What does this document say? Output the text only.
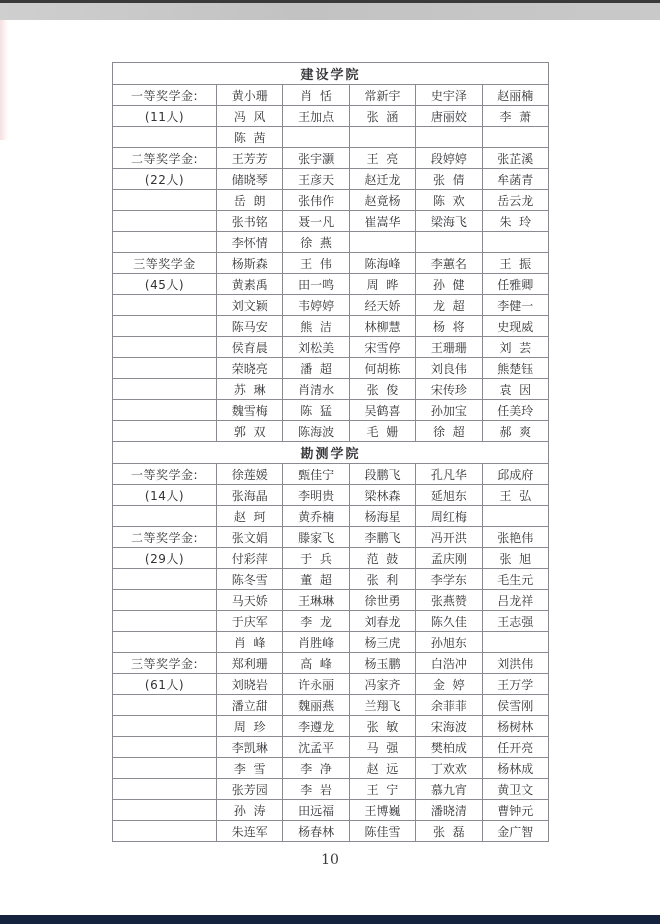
建设学院					
一等奖学金:	黄小珊	肖  恬	常新宇	史宇泽	赵丽楠
(11人)	冯  风	王加点	张  涵	唐丽姣	李  萧
	陈  茜				
二等奖学金:	王芳芳	张宇灏	王  亮	段婷婷	张芷溪
(22人)	储晓琴	王彦天	赵迁龙	张  倩	牟菡青
	岳  朗	张伟作	赵竟杨	陈  欢	岳云龙
	张书铭	聂一凡	崔嵩华	梁海飞	朱  玲
	李怀情	徐  燕			
三等奖学金	杨斯森	王  伟	陈海峰	李蕙名	王  振
(45人)	黄素禹	田一鸣	周  晔	孙  健	任雅卿
	刘文颖	韦婷婷	经天娇	龙  超	李健一
	陈马安	熊  洁	林柳慧	杨  将	史现威
	侯育晨	刘松美	宋雪停	王珊珊	刘  芸
	荣晓亮	潘  超	何胡栋	刘良伟	熊楚钰
	苏  琳	肖清水	张  俊	宋传珍	袁  因
	魏雪梅	陈  猛	吴鹤喜	孙加宝	任美玲
	郭  双	陈海波	毛  姗	徐  超	郝  爽
勘测学院					
一等奖学金:	徐莲媛	甄佳宁	段鹏飞	孔凡华	邱成府
(14人)	张海晶	李明贵	梁林森	延旭东	王  弘
	赵  珂	黄乔楠	杨海星	周红梅	
二等奖学金:	张文娟	滕家飞	李鹏飞	冯开洪	张艳伟
(29人)	付彩萍	于  兵	范  鼓	孟庆刚	张  旭
	陈冬雪	董  超	张  利	李学东	毛生元
	马天娇	王琳琳	徐世勇	张燕赞	吕龙祥
	于庆军	李  龙	刘春龙	陈久佳	王志强
	肖  峰	肖胜峰	杨三虎	孙旭东	
三等奖学金:	郑利珊	高  峰	杨玉鹏	白浩冲	刘洪伟
(61人)	刘晓岩	许永丽	冯家齐	金  婷	王万学
	潘立甜	魏丽燕	兰翔飞	余菲菲	侯雪刚
	周  珍	李遵龙	张  敏	宋海波	杨树林
	李凯琳	沈孟平	马  强	樊柏成	任开亮
	李  雪	李  净	赵  远	丁欢欢	杨林成
	张芳园	李  岩	王  宁	慕九宵	黄卫文
	孙  涛	田远福	王博巍	潘晓清	曹钟元
	朱连军	杨春林	陈佳雪	张  磊	金广智
10
